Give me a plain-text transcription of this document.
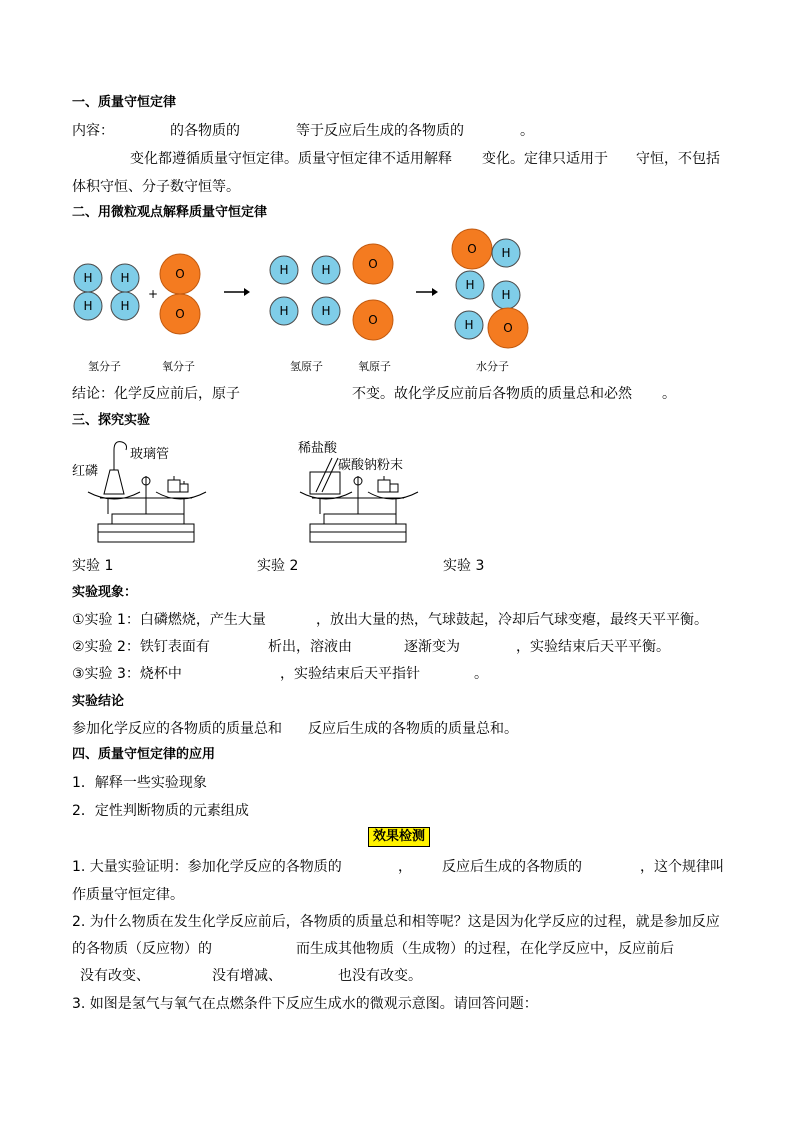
一、质量守恒定律
内容：	的各物质的	等于反应后生成的各物质的	。
变化都遵循质量守恒定律。质量守恒定律不适用解释 变化。定律只适用于 守恒，不包括
体积守恒、分子数守恒等。
二、用微粒观点解释质量守恒定律
H
H
H
H
+
O
O
H	H
H	H
O
O
O H
H
H
O
H
氢分子	氧分子	氢原子	氧原子	水分子
结论：化学反应前后，原子	不变。故化学反应前后各物质的质量总和必然 。
三、探究实验
红磷
玻璃管	稀盐酸
碳酸钠粉末
实验 1	实验 2	实验 3
实验现象：
①实验 1：白磷燃烧，产生大量	，放出大量的热，气球鼓起，冷却后气球变瘪，最终天平平衡。
②实验 2：铁钉表面有	析出，溶液由	逐渐变为	，实验结束后天平平衡。
③实验 3：烧杯中	，实验结束后天平指针	。
实验结论
参加化学反应的各物质的质量总和 反应后生成的各物质的质量总和。
四、质量守恒定律的应用
1．解释一些实验现象
2．定性判断物质的元素组成
效果检测
1. 大量实验证明：参加化学反应的各物质的	， 反应后生成的各物质的	，这个规律叫
作质量守恒定律。
2. 为什么物质在发生化学反应前后，各物质的质量总和相等呢？这是因为化学反应的过程，就是参加反应
的各物质（反应物）的	而生成其他物质（生成物）的过程，在化学反应中，反应前后
没有改变、	没有增减、	也没有改变。
3. 如图是氢气与氧气在点燃条件下反应生成水的微观示意图。请回答问题：
